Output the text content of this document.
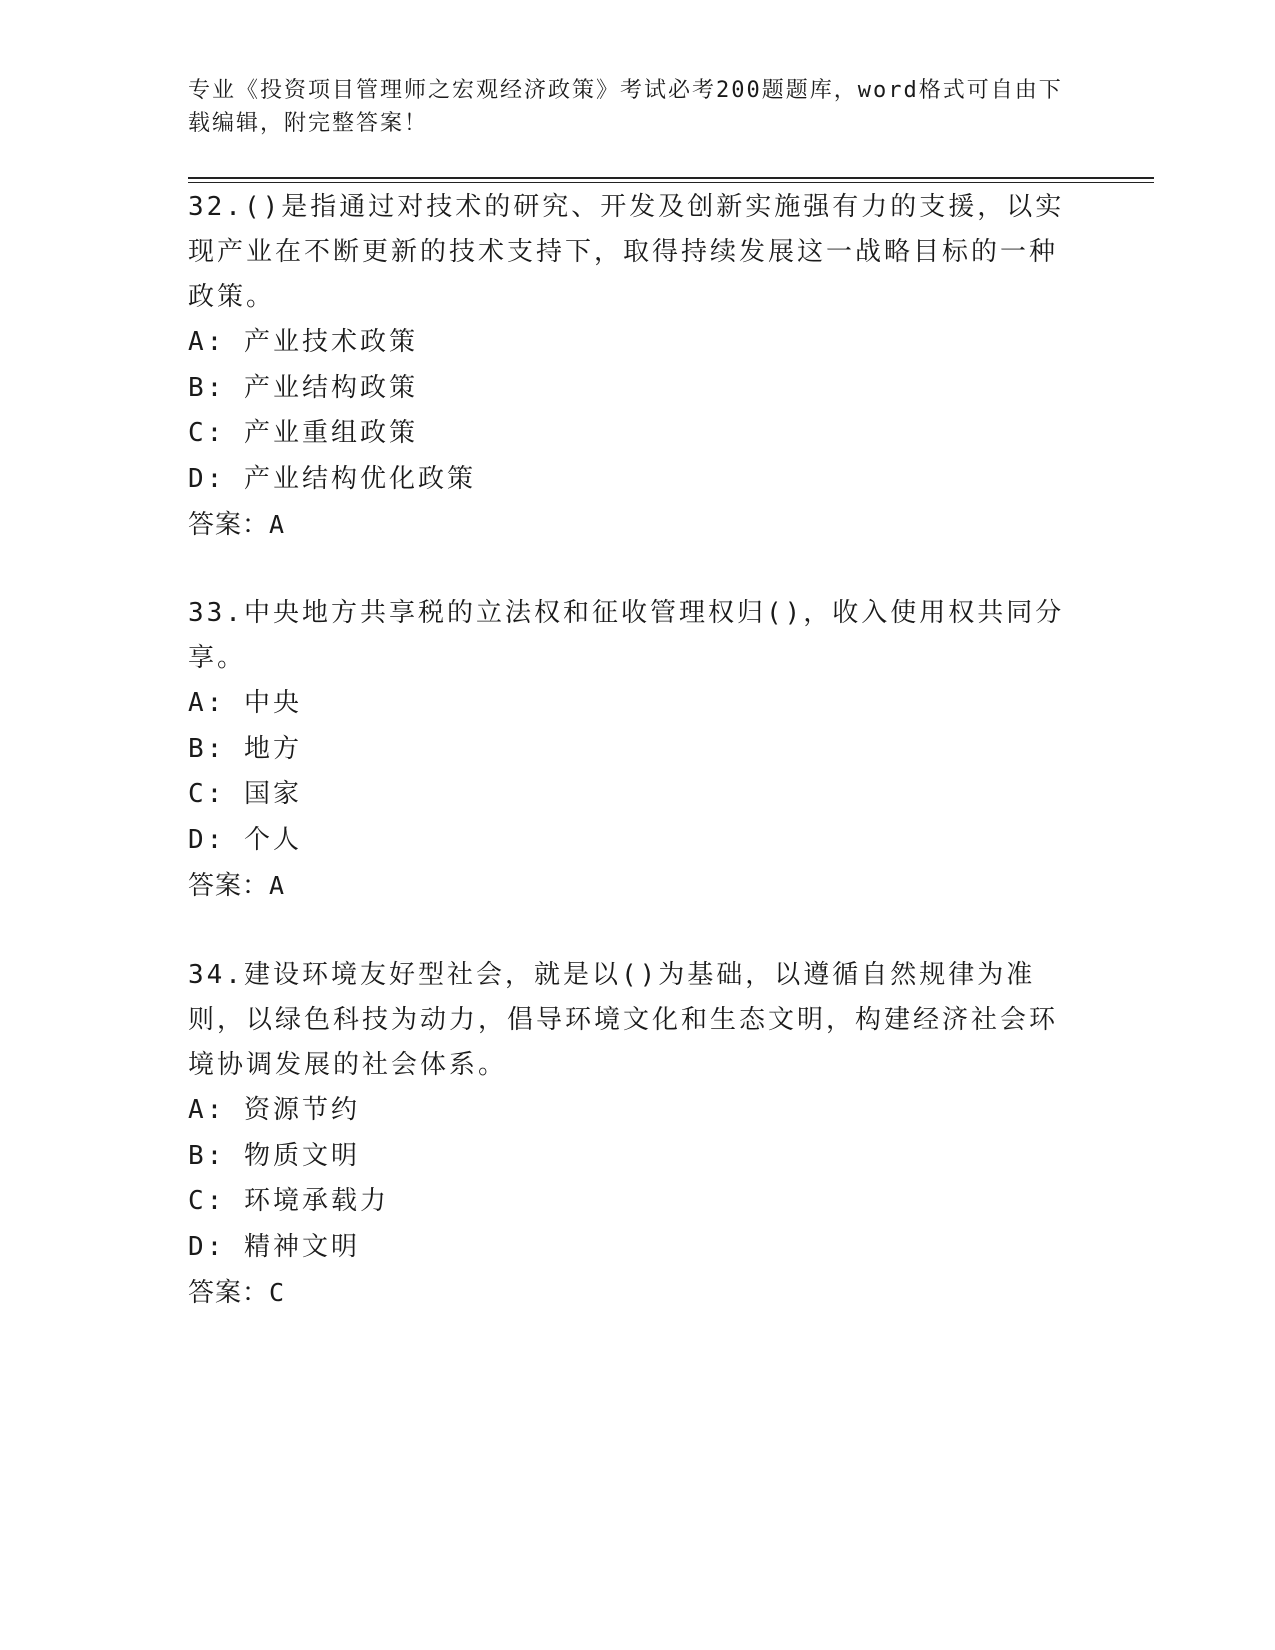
专业《投资项目管理师之宏观经济政策》考试必考200题题库，word格式可自由下载编辑，附完整答案！
32.()是指通过对技术的研究、开发及创新实施强有力的支援，以实现产业在不断更新的技术支持下，取得持续发展这一战略目标的一种政策。
A: 产业技术政策
B: 产业结构政策
C: 产业重组政策
D: 产业结构优化政策
答案：A
33.中央地方共享税的立法权和征收管理权归()，收入使用权共同分享。
A: 中央
B: 地方
C: 国家
D: 个人
答案：A
34.建设环境友好型社会，就是以()为基础，以遵循自然规律为准则，以绿色科技为动力，倡导环境文化和生态文明，构建经济社会环境协调发展的社会体系。
A: 资源节约
B: 物质文明
C: 环境承载力
D: 精神文明
答案：C
